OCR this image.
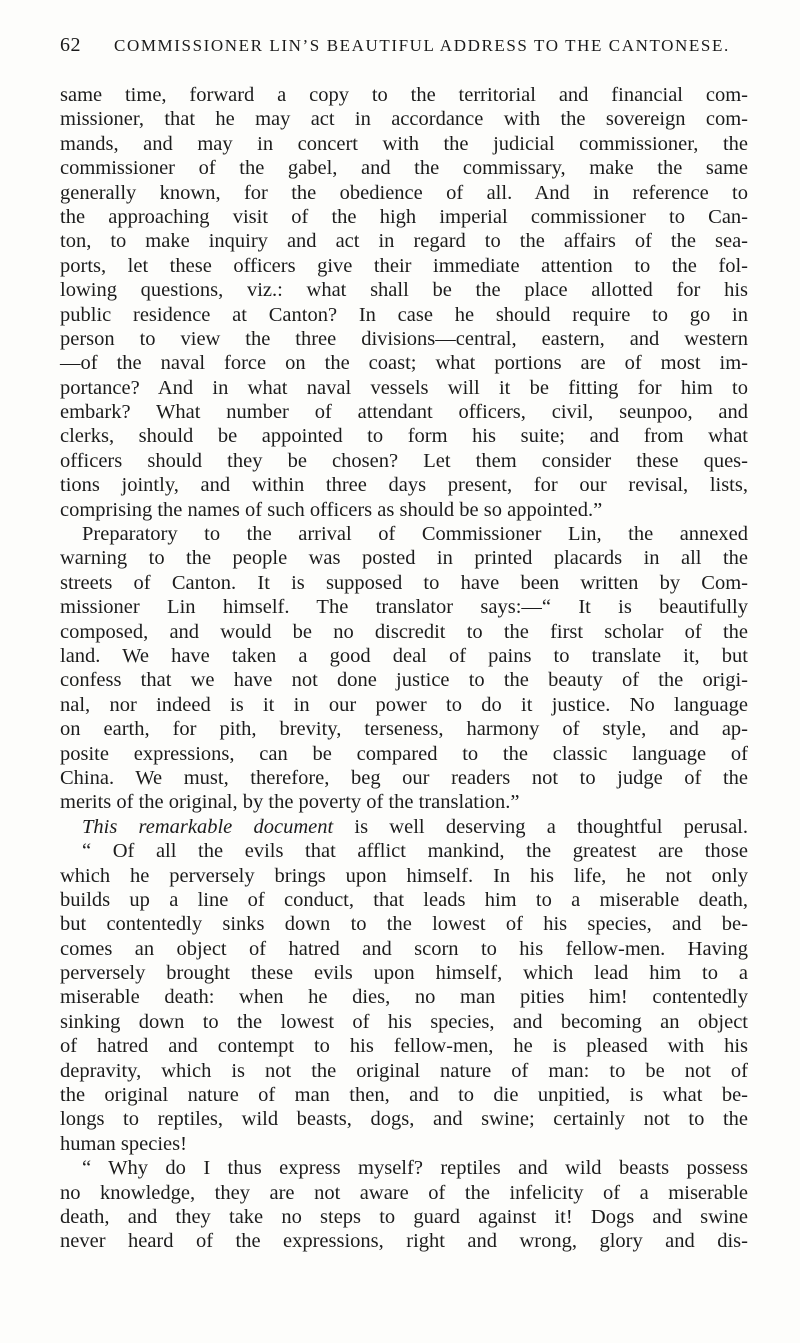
62 COMMISSIONER LIN’S BEAUTIFUL ADDRESS TO THE CANTONESE.
same time, forward a copy to the territorial and financial com-
missioner, that he may act in accordance with the sovereign com-
mands, and may in concert with the judicial commissioner, the
commissioner of the gabel, and the commissary, make the same
generally known, for the obedience of all. And in reference to
the approaching visit of the high imperial commissioner to Can-
ton, to make inquiry and act in regard to the affairs of the sea-
ports, let these officers give their immediate attention to the fol-
lowing questions, viz.: what shall be the place allotted for his
public residence at Canton? In case he should require to go in
person to view the three divisions—central, eastern, and western
—of the naval force on the coast; what portions are of most im-
portance? And in what naval vessels will it be fitting for him to
embark? What number of attendant officers, civil, seunpoo, and
clerks, should be appointed to form his suite; and from what
officers should they be chosen? Let them consider these ques-
tions jointly, and within three days present, for our revisal, lists,
comprising the names of such officers as should be so appointed.”
Preparatory to the arrival of Commissioner Lin, the annexed
warning to the people was posted in printed placards in all the
streets of Canton. It is supposed to have been written by Com-
missioner Lin himself. The translator says:—“ It is beautifully
composed, and would be no discredit to the first scholar of the
land. We have taken a good deal of pains to translate it, but
confess that we have not done justice to the beauty of the origi-
nal, nor indeed is it in our power to do it justice. No language
on earth, for pith, brevity, terseness, harmony of style, and ap-
posite expressions, can be compared to the classic language of
China. We must, therefore, beg our readers not to judge of the
merits of the original, by the poverty of the translation.”
This remarkable document is well deserving a thoughtful perusal.
“ Of all the evils that afflict mankind, the greatest are those
which he perversely brings upon himself. In his life, he not only
builds up a line of conduct, that leads him to a miserable death,
but contentedly sinks down to the lowest of his species, and be-
comes an object of hatred and scorn to his fellow-men. Having
perversely brought these evils upon himself, which lead him to a
miserable death: when he dies, no man pities him! contentedly
sinking down to the lowest of his species, and becoming an object
of hatred and contempt to his fellow-men, he is pleased with his
depravity, which is not the original nature of man: to be not of
the original nature of man then, and to die unpitied, is what be-
longs to reptiles, wild beasts, dogs, and swine; certainly not to the
human species!
“ Why do I thus express myself? reptiles and wild beasts possess
no knowledge, they are not aware of the infelicity of a miserable
death, and they take no steps to guard against it! Dogs and swine
never heard of the expressions, right and wrong, glory and dis-
